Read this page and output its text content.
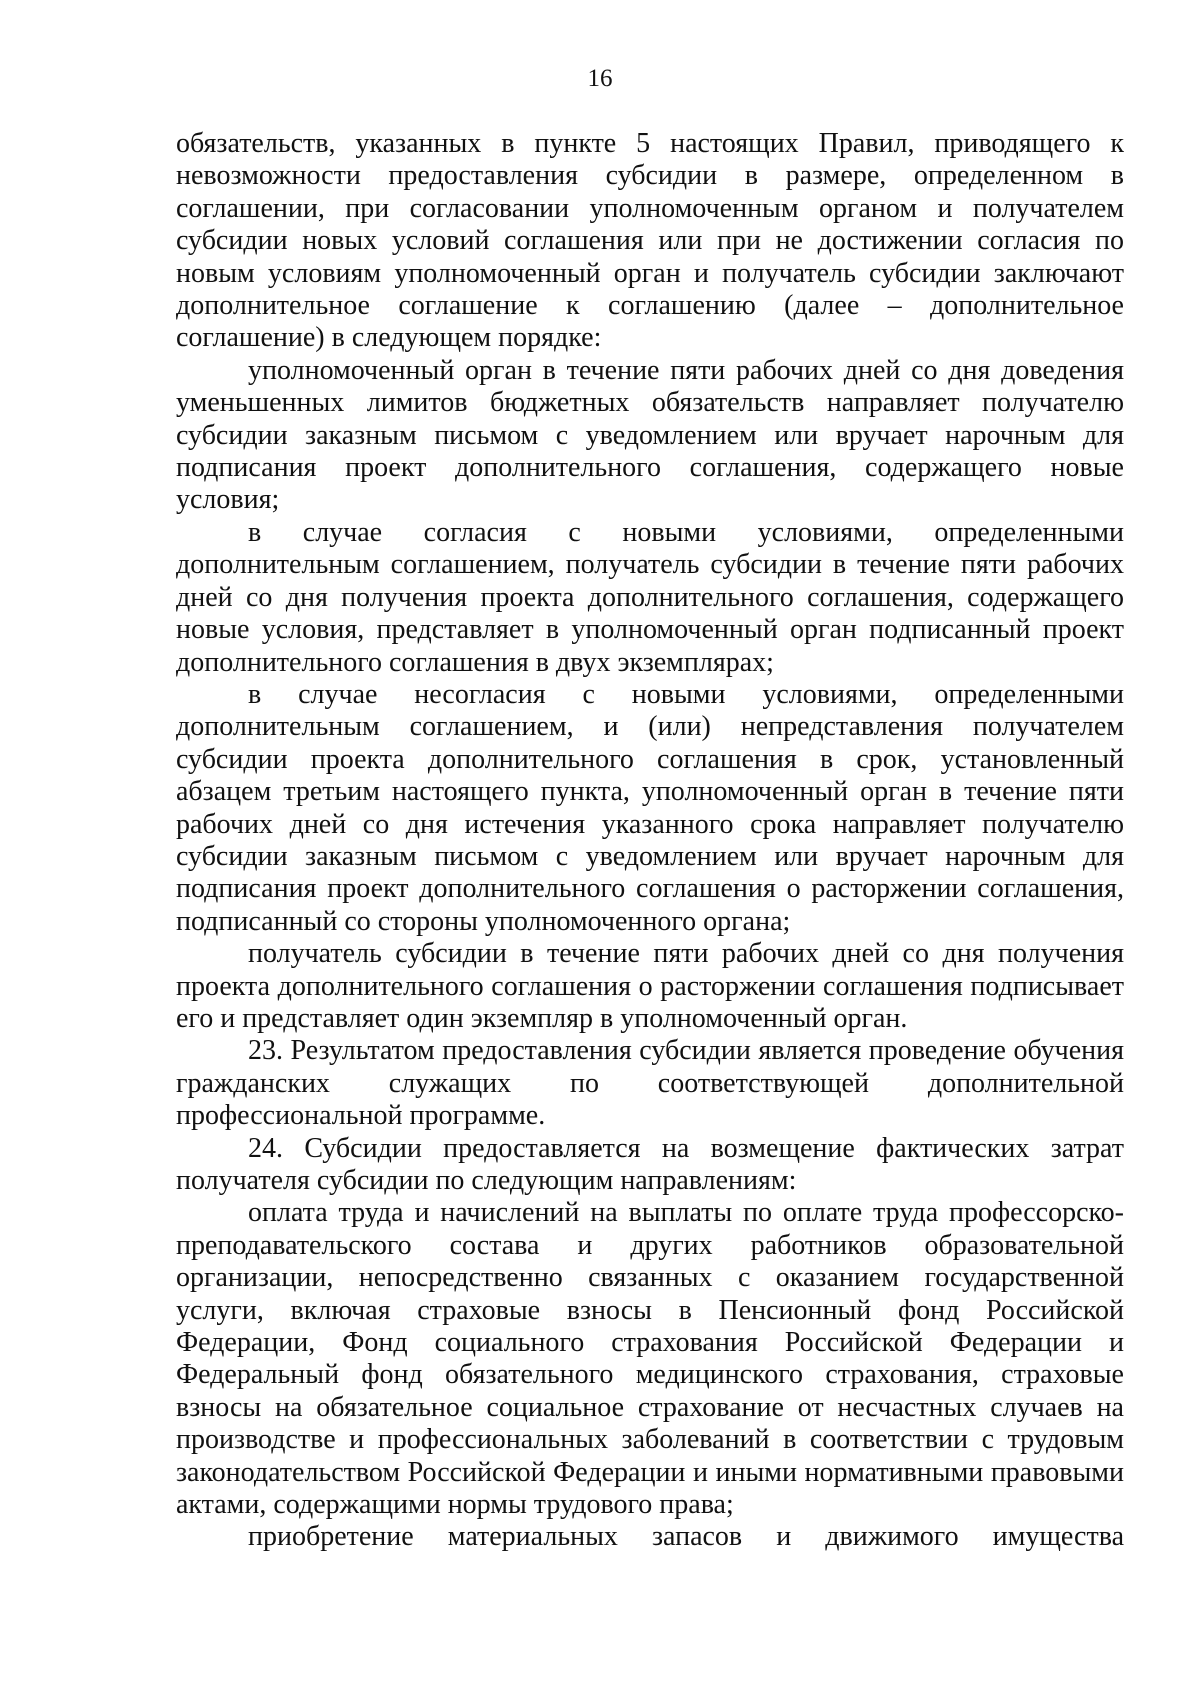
16

обязательств, указанных в пункте 5 настоящих Правил, приводящего к невозможности предоставления субсидии в размере, определенном в соглашении, при согласовании уполномоченным органом и получателем субсидии новых условий соглашения или при не достижении согласия по новым условиям уполномоченный орган и получатель субсидии заключают дополнительное соглашение к соглашению (далее – дополнительное соглашение) в следующем порядке:

уполномоченный орган в течение пяти рабочих дней со дня доведения уменьшенных лимитов бюджетных обязательств направляет получателю субсидии заказным письмом с уведомлением или вручает нарочным для подписания проект дополнительного соглашения, содержащего новые условия;

в случае согласия с новыми условиями, определенными дополнительным соглашением, получатель субсидии в течение пяти рабочих дней со дня получения проекта дополнительного соглашения, содержащего новые условия, представляет в уполномоченный орган подписанный проект дополнительного соглашения в двух экземплярах;

в случае несогласия с новыми условиями, определенными дополнительным соглашением, и (или) непредставления получателем субсидии проекта дополнительного соглашения в срок, установленный абзацем третьим настоящего пункта, уполномоченный орган в течение пяти рабочих дней со дня истечения указанного срока направляет получателю субсидии заказным письмом с уведомлением или вручает нарочным для подписания проект дополнительного соглашения о расторжении соглашения, подписанный со стороны уполномоченного органа;

получатель субсидии в течение пяти рабочих дней со дня получения проекта дополнительного соглашения о расторжении соглашения подписывает его и представляет один экземпляр в уполномоченный орган.

23. Результатом предоставления субсидии является проведение обучения гражданских служащих по соответствующей дополнительной профессиональной программе.

24. Субсидии предоставляется на возмещение фактических затрат получателя субсидии по следующим направлениям:

оплата труда и начислений на выплаты по оплате труда профессорско-преподавательского состава и других работников образовательной организации, непосредственно связанных с оказанием государственной услуги, включая страховые взносы в Пенсионный фонд Российской Федерации, Фонд социального страхования Российской Федерации и Федеральный фонд обязательного медицинского страхования, страховые взносы на обязательное социальное страхование от несчастных случаев на производстве и профессиональных заболеваний в соответствии с трудовым законодательством Российской Федерации и иными нормативными правовыми актами, содержащими нормы трудового права;

приобретение материальных запасов и движимого имущества
